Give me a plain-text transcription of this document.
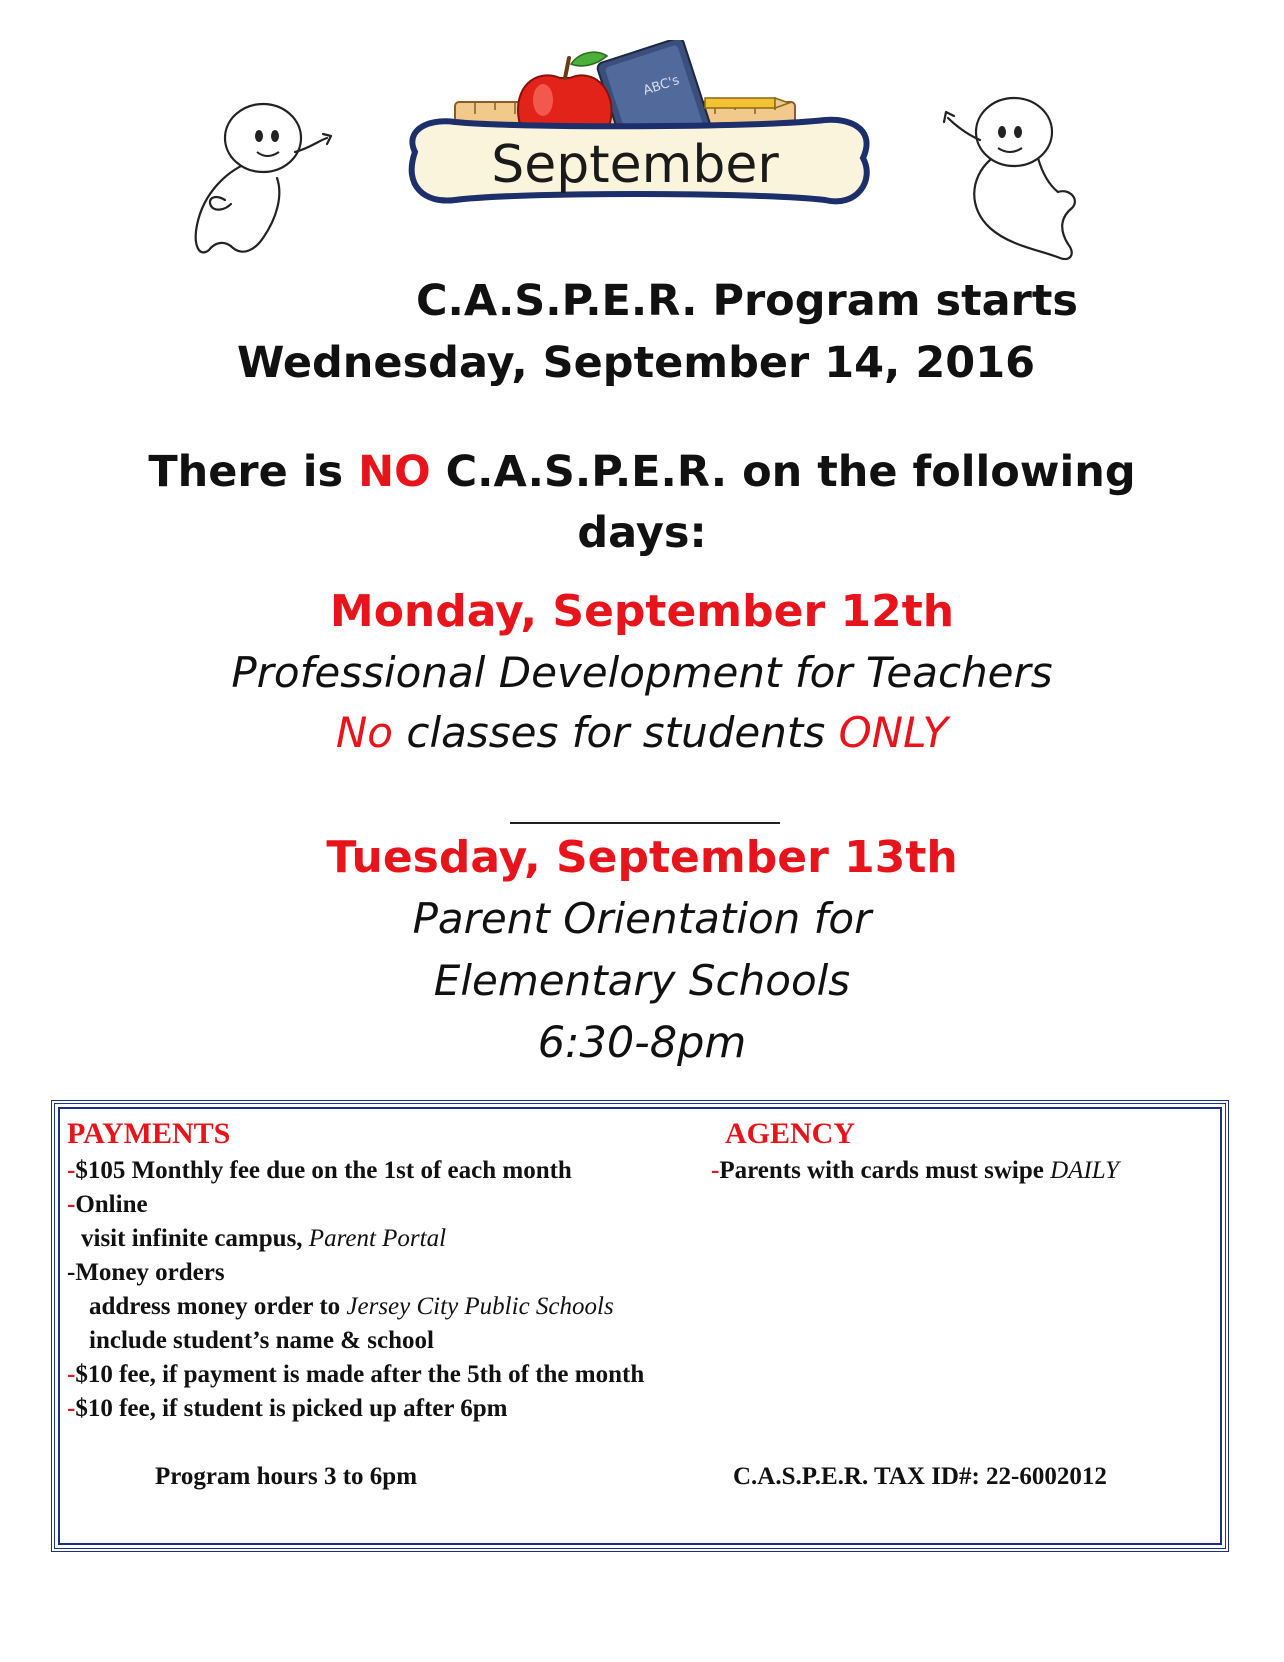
ABC's
September
C.A.S.P.E.R. Program starts
Wednesday, September 14, 2016
There is NO C.A.S.P.E.R. on the following
days:
Monday, September 12th
Professional Development for Teachers
No classes for students ONLY
Tuesday, September 13th
Parent Orientation for
Elementary Schools
6:30-8pm
PAYMENTS	AGENCY
-$105 Monthly fee due on the 1st of each month
-Online
visit infinite campus, Parent Portal
-Money orders
address money order to Jersey City Public Schools
include student’s name & school
-$10 fee, if payment is made after the 5th of the month
-$10 fee, if student is picked up after 6pm
-Parents with cards must swipe DAILY
Program hours 3 to 6pm	C.A.S.P.E.R. TAX ID#: 22-6002012
